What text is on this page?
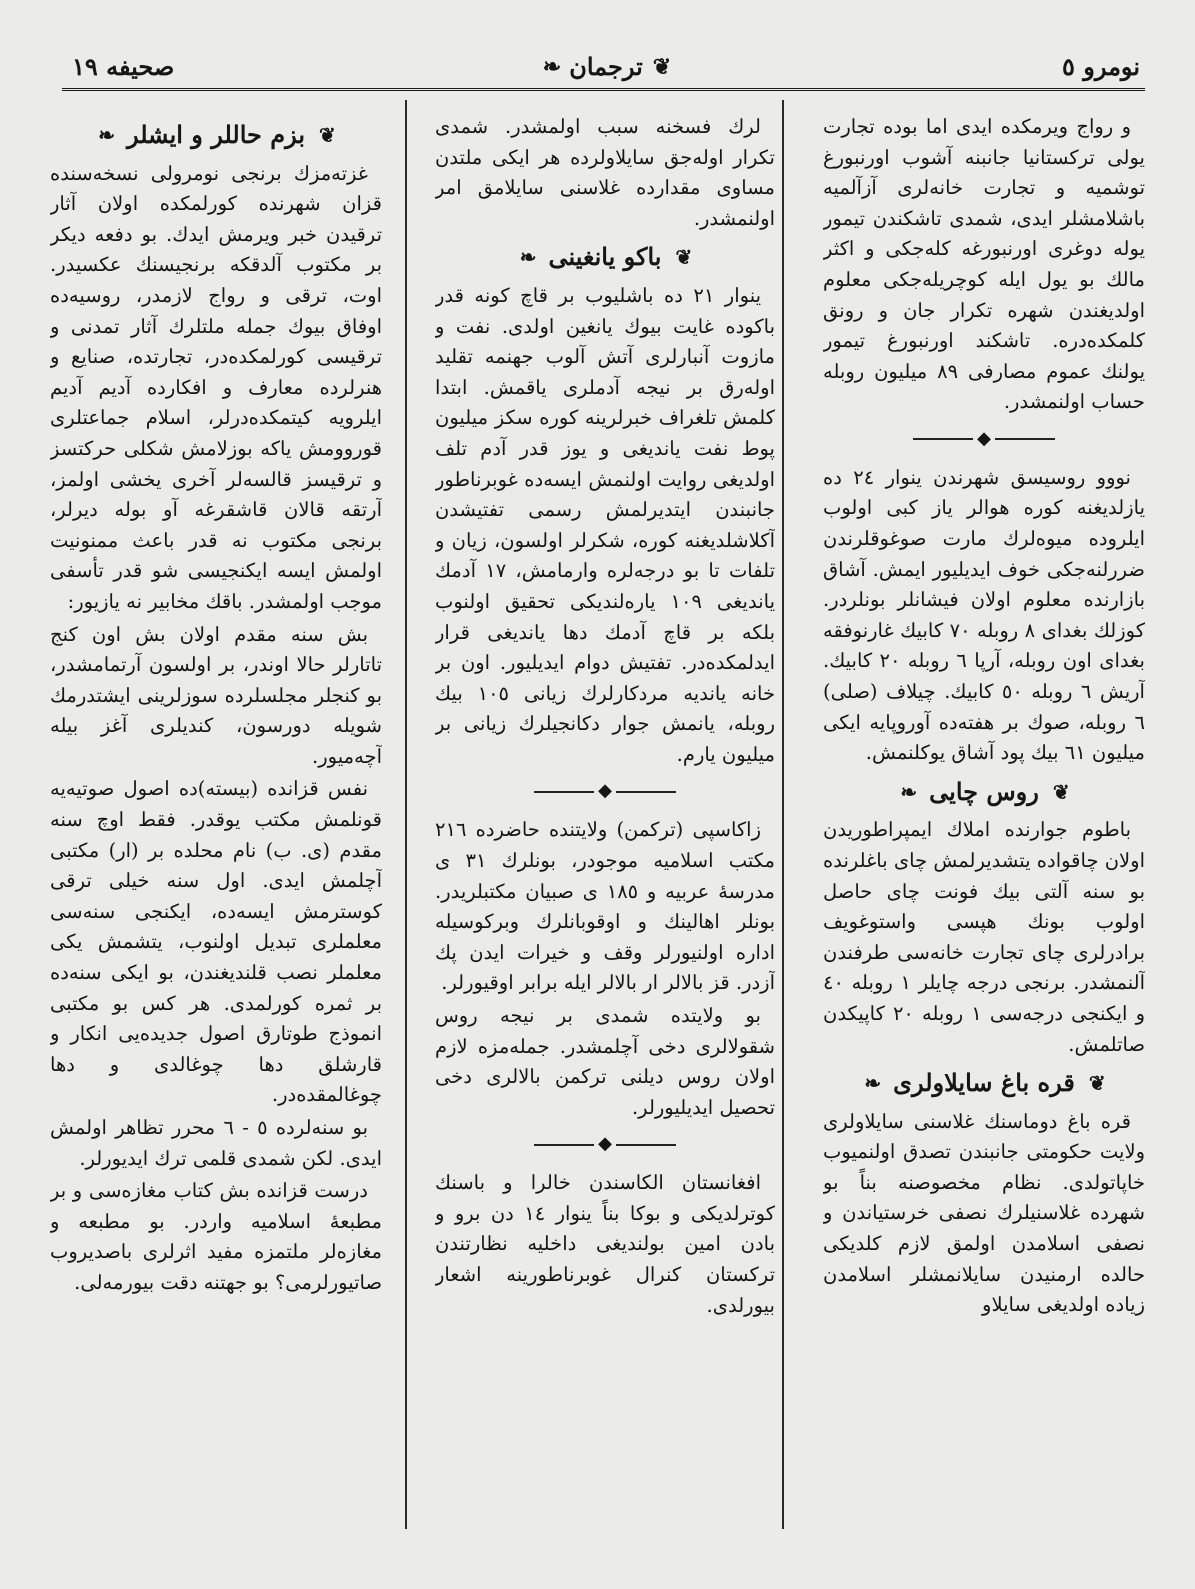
نومرو ٥
❦
ترجمان
❧
صحيفه ١٩

و رواج ويرمكده ايدى اما بوده تجارت يولى تركستانيا جانبنه آشوب اورنبورغ توشميه و تجارت خانه‌لرى آزآلميه باشلامشلر ايدى، شمدى تاشكندن تيمور يوله دوغرى اورنبورغه كله‌جكى و اكثر مالك بو يول ايله كوچريله‌جكى معلوم اولديغندن شهره تكرار جان و رونق كلمكده‌دره. تاشكند اورنبورغ تيمور يولنك عموم مصارفى ٨٩ ميليون روبله حساب اولنمشدر.

◆

نووو روسيسق شهرندن ينوار ٢٤ ده يازلديغنه كوره هوالر ياز كبى اولوب ايلروده ميوه‌لرك مارت صوغوقلرندن ضررلنه‌جكى خوف ايديليور ايمش. آشاق بازارنده معلوم اولان فيشانلر بونلردر. كوزلك بغداى ٨ روبله ٧٠ كابيك غارنوفقه بغداى اون روبله، آرپا ٦ روبله ٢٠ كابيك. آريش ٦ روبله ٥٠ كابيك. چيلاف (صلى) ٦ روبله، صوك بر هفته‌ده آوروپايه ايكى ميليون ٦١ بيك پود آشاق يوكلنمش.

❦
روس چايى
❧

باطوم جوارنده املاك ايمپراطوريدن اولان چاقواده يتشديرلمش چاى باغلرنده بو سنه آلتى بيك فونت چاى حاصل اولوب بونك هپسى واستوغويف برادرلرى چاى تجارت خانه‌سى طرفندن آلنمشدر. برنجى درجه چايلر ١ روبله ٤٠ و ايكنجى درجه‌سى ١ روبله ٢٠ كاپيكدن صاتلمش.

❦
قره باغ سايلاولرى
❧

قره باغ دوماسنك غلاسنى سايلاولرى ولايت حكومتى جانبندن تصدق اولنميوب خاپاتولدى. نظام مخصوصنه بناً بو شهرده غلاسنيلرك نصفى خرستياندن و نصفى اسلامدن اولمق لازم كلديكى حالده ارمنيدن سايلانمشلر اسلامدن زياده اولديغى سايلاو

لرك فسخنه سبب اولمشدر. شمدى تكرار اوله‌جق سايلاولرده هر ايكى ملتدن مساوى مقدارده غلاسنى سايلامق امر اولنمشدر.

❦
باكو يانغينى
❧

ينوار ٢١ ده باشليوب بر قاچ كونه قدر باكوده غايت بيوك يانغين اولدى. نفت و مازوت آنبارلرى آتش آلوب جهنمه تقليد اوله‌رق بر نيجه آدملرى ياقمش. ابتدا كلمش تلغراف خبرلرينه كوره سكز ميليون پوط نفت يانديغى و يوز قدر آدم تلف اولديغى روايت اولنمش ايسه‌ده غوبرناطور جانبندن ايتديرلمش رسمى تفتيشدن آكلاشلديغنه كوره، شكرلر اولسون، زيان و تلفات تا بو درجه‌لره وارمامش، ١٧ آدمك يانديغى ١٠٩ ياره‌لنديكى تحقيق اولنوب بلكه بر قاچ آدمك دها يانديغى قرار ايدلمكده‌در. تفتيش دوام ايديليور. اون بر خانه يانديه مردكارلرك زيانى ١٠٥ بيك روبله، يانمش جوار دكانجيلرك زيانى بر ميليون يارم.

◆

زاكاسپى (تركمن) ولايتنده حاضرده ٢١٦ مكتب اسلاميه موجودر، بونلرك ٣١ ى مدرسهٔ عربيه و ١٨٥ ى صبيان مكتبلريدر. بونلر اهالينك و اوقوبانلرك وبركوسيله اداره اولنيورلر وقف و خيرات ايدن پك آزدر. قز بالالر ار بالالر ايله برابر اوقيورلر.

بو ولايتده شمدى بر نيجه روس شقولالرى دخى آچلمشدر. جمله‌مزه لازم اولان روس ديلنى تركمن بالالرى دخى تحصيل ايديليورلر.

◆

افغانستان الكاسندن خالرا و باسنك كوترلديكى و بوكا بناً ينوار ١٤ دن برو و بادن امين بولنديغى داخليه نظارتندن تركستان كنرال غوبرناطورينه اشعار بيورلدى.

❦
بزم حاللر و ايشلر
❧

غزته‌مزك برنجى نومرولى نسخه‌سنده قزان شهرنده كورلمكده اولان آثار ترقيدن خبر ويرمش ايدك. بو دفعه ديكر بر مكتوب آلدقكه برنجيسنك عكسيدر. اوت، ترقى و رواج لازمدر، روسيه‌ده اوفاق بيوك جمله ملتلرك آثار تمدنى و ترقيسى كورلمكده‌در، تجارتده، صنايع و هنرلرده معارف و افكارده آديم آديم ايلرويه كيتمكده‌درلر، اسلام جماعتلرى قوروومش ياكه بوزلامش شكلى حركتسز و ترقيسز قالسه‌لر آخرى يخشى اولمز، آرتقه قالان قاشقرغه آو بوله ديرلر، برنجى مكتوب نه قدر باعث ممنونيت اولمش ايسه ايكنجيسى شو قدر تأسفى موجب اولمشدر. باقك مخابير نه يازيور:

بش سنه مقدم اولان بش اون كنج تاتارلر حالا اوندر، بر اولسون آرتمامشدر، بو كنجلر مجلسلرده سوزلرينى ايشتدرمك شويله دورسون، كنديلرى آغز بيله آچه‌ميور.

نفس قزانده (بيسته)ده اصول صوتيه‌يه قونلمش مكتب يوقدر. فقط اوچ سنه مقدم (ى. ب) نام محلده بر (ار) مكتبى آچلمش ايدى. اول سنه خيلى ترقى كوسترمش ايسه‌ده، ايكنجى سنه‌سى معلملرى تبديل اولنوب، يتشمش يكى معلملر نصب قلنديغندن، بو ايكى سنه‌ده بر ثمره كورلمدى. هر كس بو مكتبى انموذج طوتارق اصول جديده‌يى انكار و قارشلق دها چوغالدى و دها چوغالمقده‌در.

بو سنه‌لرده ٥ - ٦ محرر تظاهر اولمش ايدى. لكن شمدى قلمى ترك ايديورلر.

درست قزانده بش كتاب مغازه‌سى و بر مطبعهٔ اسلاميه واردر. بو مطبعه و مغازه‌لر ملتمزه مفيد اثرلرى باصديروب صاتيورلرمى؟ بو جهتنه دقت بيورمه‌لى.
